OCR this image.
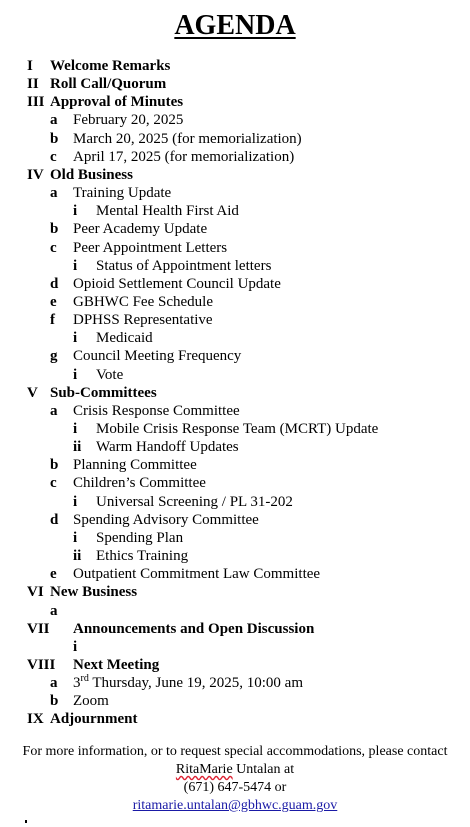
AGENDA
I Welcome Remarks
II Roll Call/Quorum
III Approval of Minutes
a February 20, 2025
b March 20, 2025 (for memorialization)
c April 17, 2025 (for memorialization)
IV Old Business
a Training Update
i Mental Health First Aid
b Peer Academy Update
c Peer Appointment Letters
i Status of Appointment letters
d Opioid Settlement Council Update
e GBHWC Fee Schedule
f DPHSS Representative
i Medicaid
g Council Meeting Frequency
i Vote
V Sub-Committees
a Crisis Response Committee
i Mobile Crisis Response Team (MCRT) Update
ii Warm Handoff Updates
b Planning Committee
c Children’s Committee
i Universal Screening / PL 31-202
d Spending Advisory Committee
i Spending Plan
ii Ethics Training
e Outpatient Commitment Law Committee
VI New Business
a
VII Announcements and Open Discussion
i
VIII Next Meeting
a 3rd Thursday, June 19, 2025, 10:00 am
b Zoom
IX Adjournment
For more information, or to request special accommodations, please contact
RitaMarie Untalan at
(671) 647-5474 or
ritamarie.untalan@gbhwc.guam.gov
